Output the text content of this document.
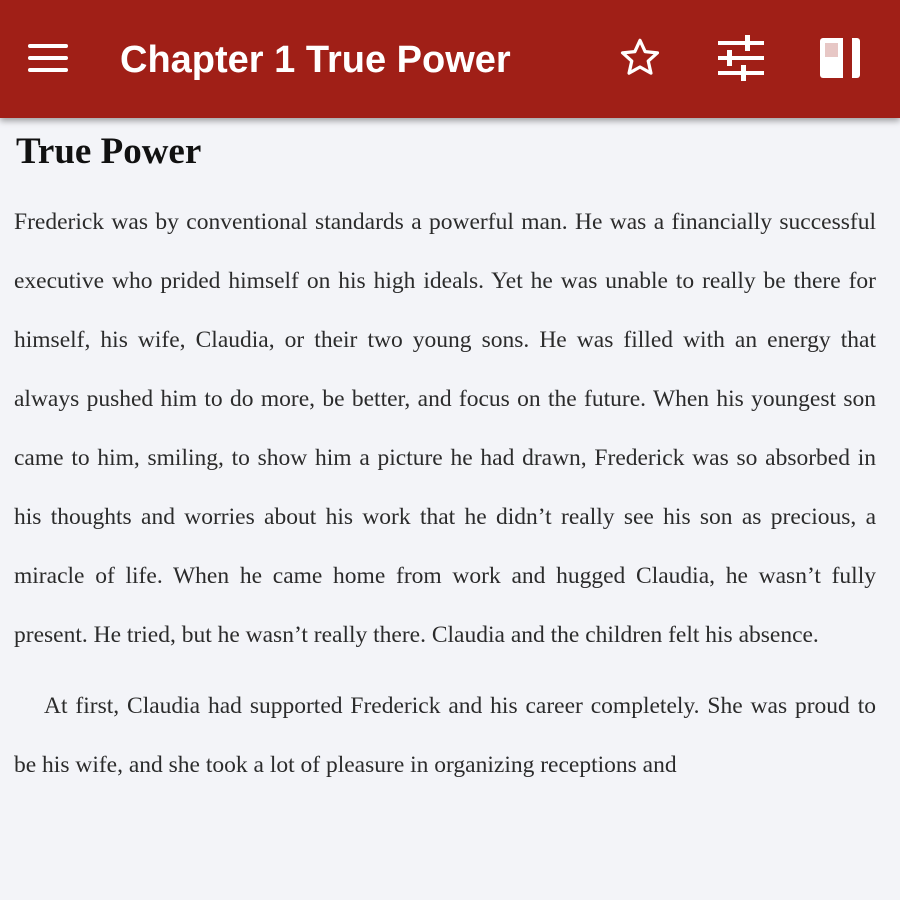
Chapter 1 True Power
True Power

Frederick was by conventional standards a powerful man. He was a financially successful executive who prided himself on his high ideals. Yet he was unable to really be there for himself, his wife, Claudia, or their two young sons. He was filled with an energy that always pushed him to do more, be better, and focus on the future. When his youngest son came to him, smiling, to show him a picture he had drawn, Frederick was so absorbed in his thoughts and worries about his work that he didn’t really see his son as precious, a miracle of life. When he came home from work and hugged Claudia, he wasn’t fully present. He tried, but he wasn’t really there. Claudia and the children felt his absence.

At first, Claudia had supported Frederick and his career completely. She was proud to be his wife, and she took a lot of pleasure in organizing receptions and
